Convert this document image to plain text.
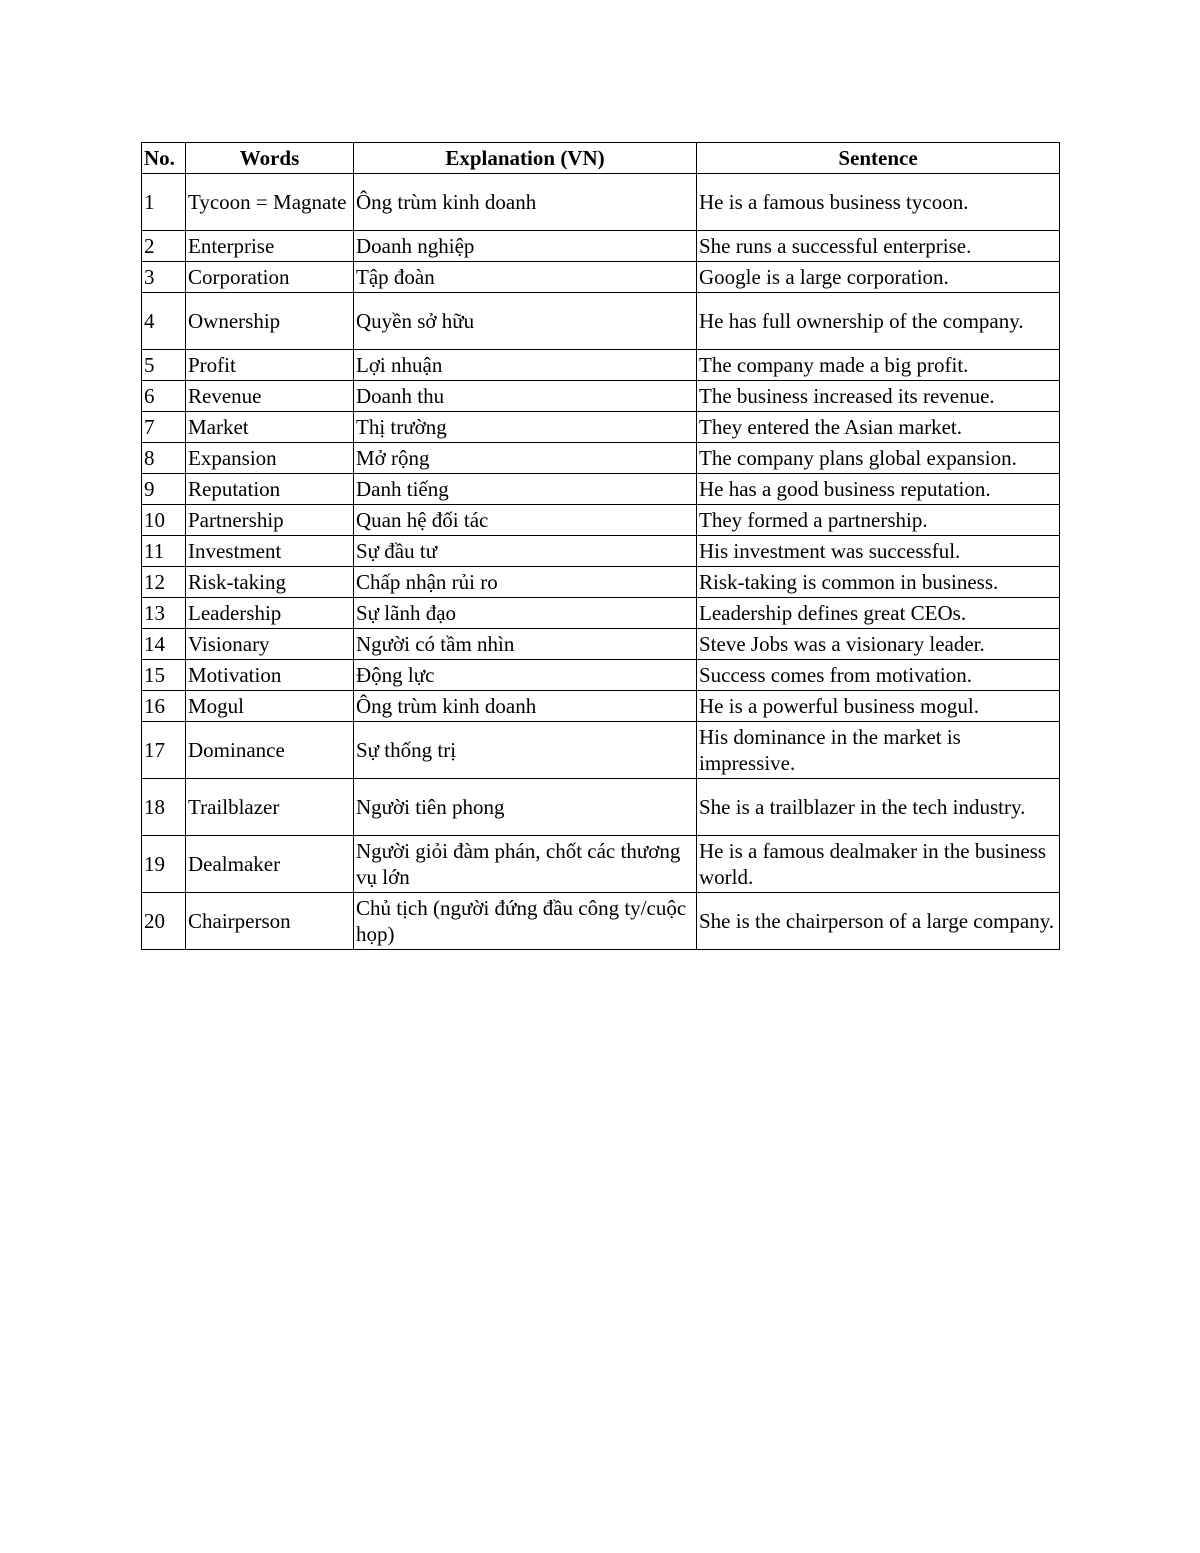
No.	Words	Explanation (VN)	Sentence
1	Tycoon = Magnate	Ông trùm kinh doanh	He is a famous business tycoon.
2	Enterprise	Doanh nghiệp	She runs a successful enterprise.
3	Corporation	Tập đoàn	Google is a large corporation.
4	Ownership	Quyền sở hữu	He has full ownership of the company.
5	Profit	Lợi nhuận	The company made a big profit.
6	Revenue	Doanh thu	The business increased its revenue.
7	Market	Thị trường	They entered the Asian market.
8	Expansion	Mở rộng	The company plans global expansion.
9	Reputation	Danh tiếng	He has a good business reputation.
10	Partnership	Quan hệ đối tác	They formed a partnership.
11	Investment	Sự đầu tư	His investment was successful.
12	Risk-taking	Chấp nhận rủi ro	Risk-taking is common in business.
13	Leadership	Sự lãnh đạo	Leadership defines great CEOs.
14	Visionary	Người có tầm nhìn	Steve Jobs was a visionary leader.
15	Motivation	Động lực	Success comes from motivation.
16	Mogul	Ông trùm kinh doanh	He is a powerful business mogul.
17	Dominance	Sự thống trị	His dominance in the market is impressive.
18	Trailblazer	Người tiên phong	She is a trailblazer in the tech industry.
19	Dealmaker	Người giỏi đàm phán, chốt các thương vụ lớn	He is a famous dealmaker in the business world.
20	Chairperson	Chủ tịch (người đứng đầu công ty/cuộc họp)	She is the chairperson of a large company.
